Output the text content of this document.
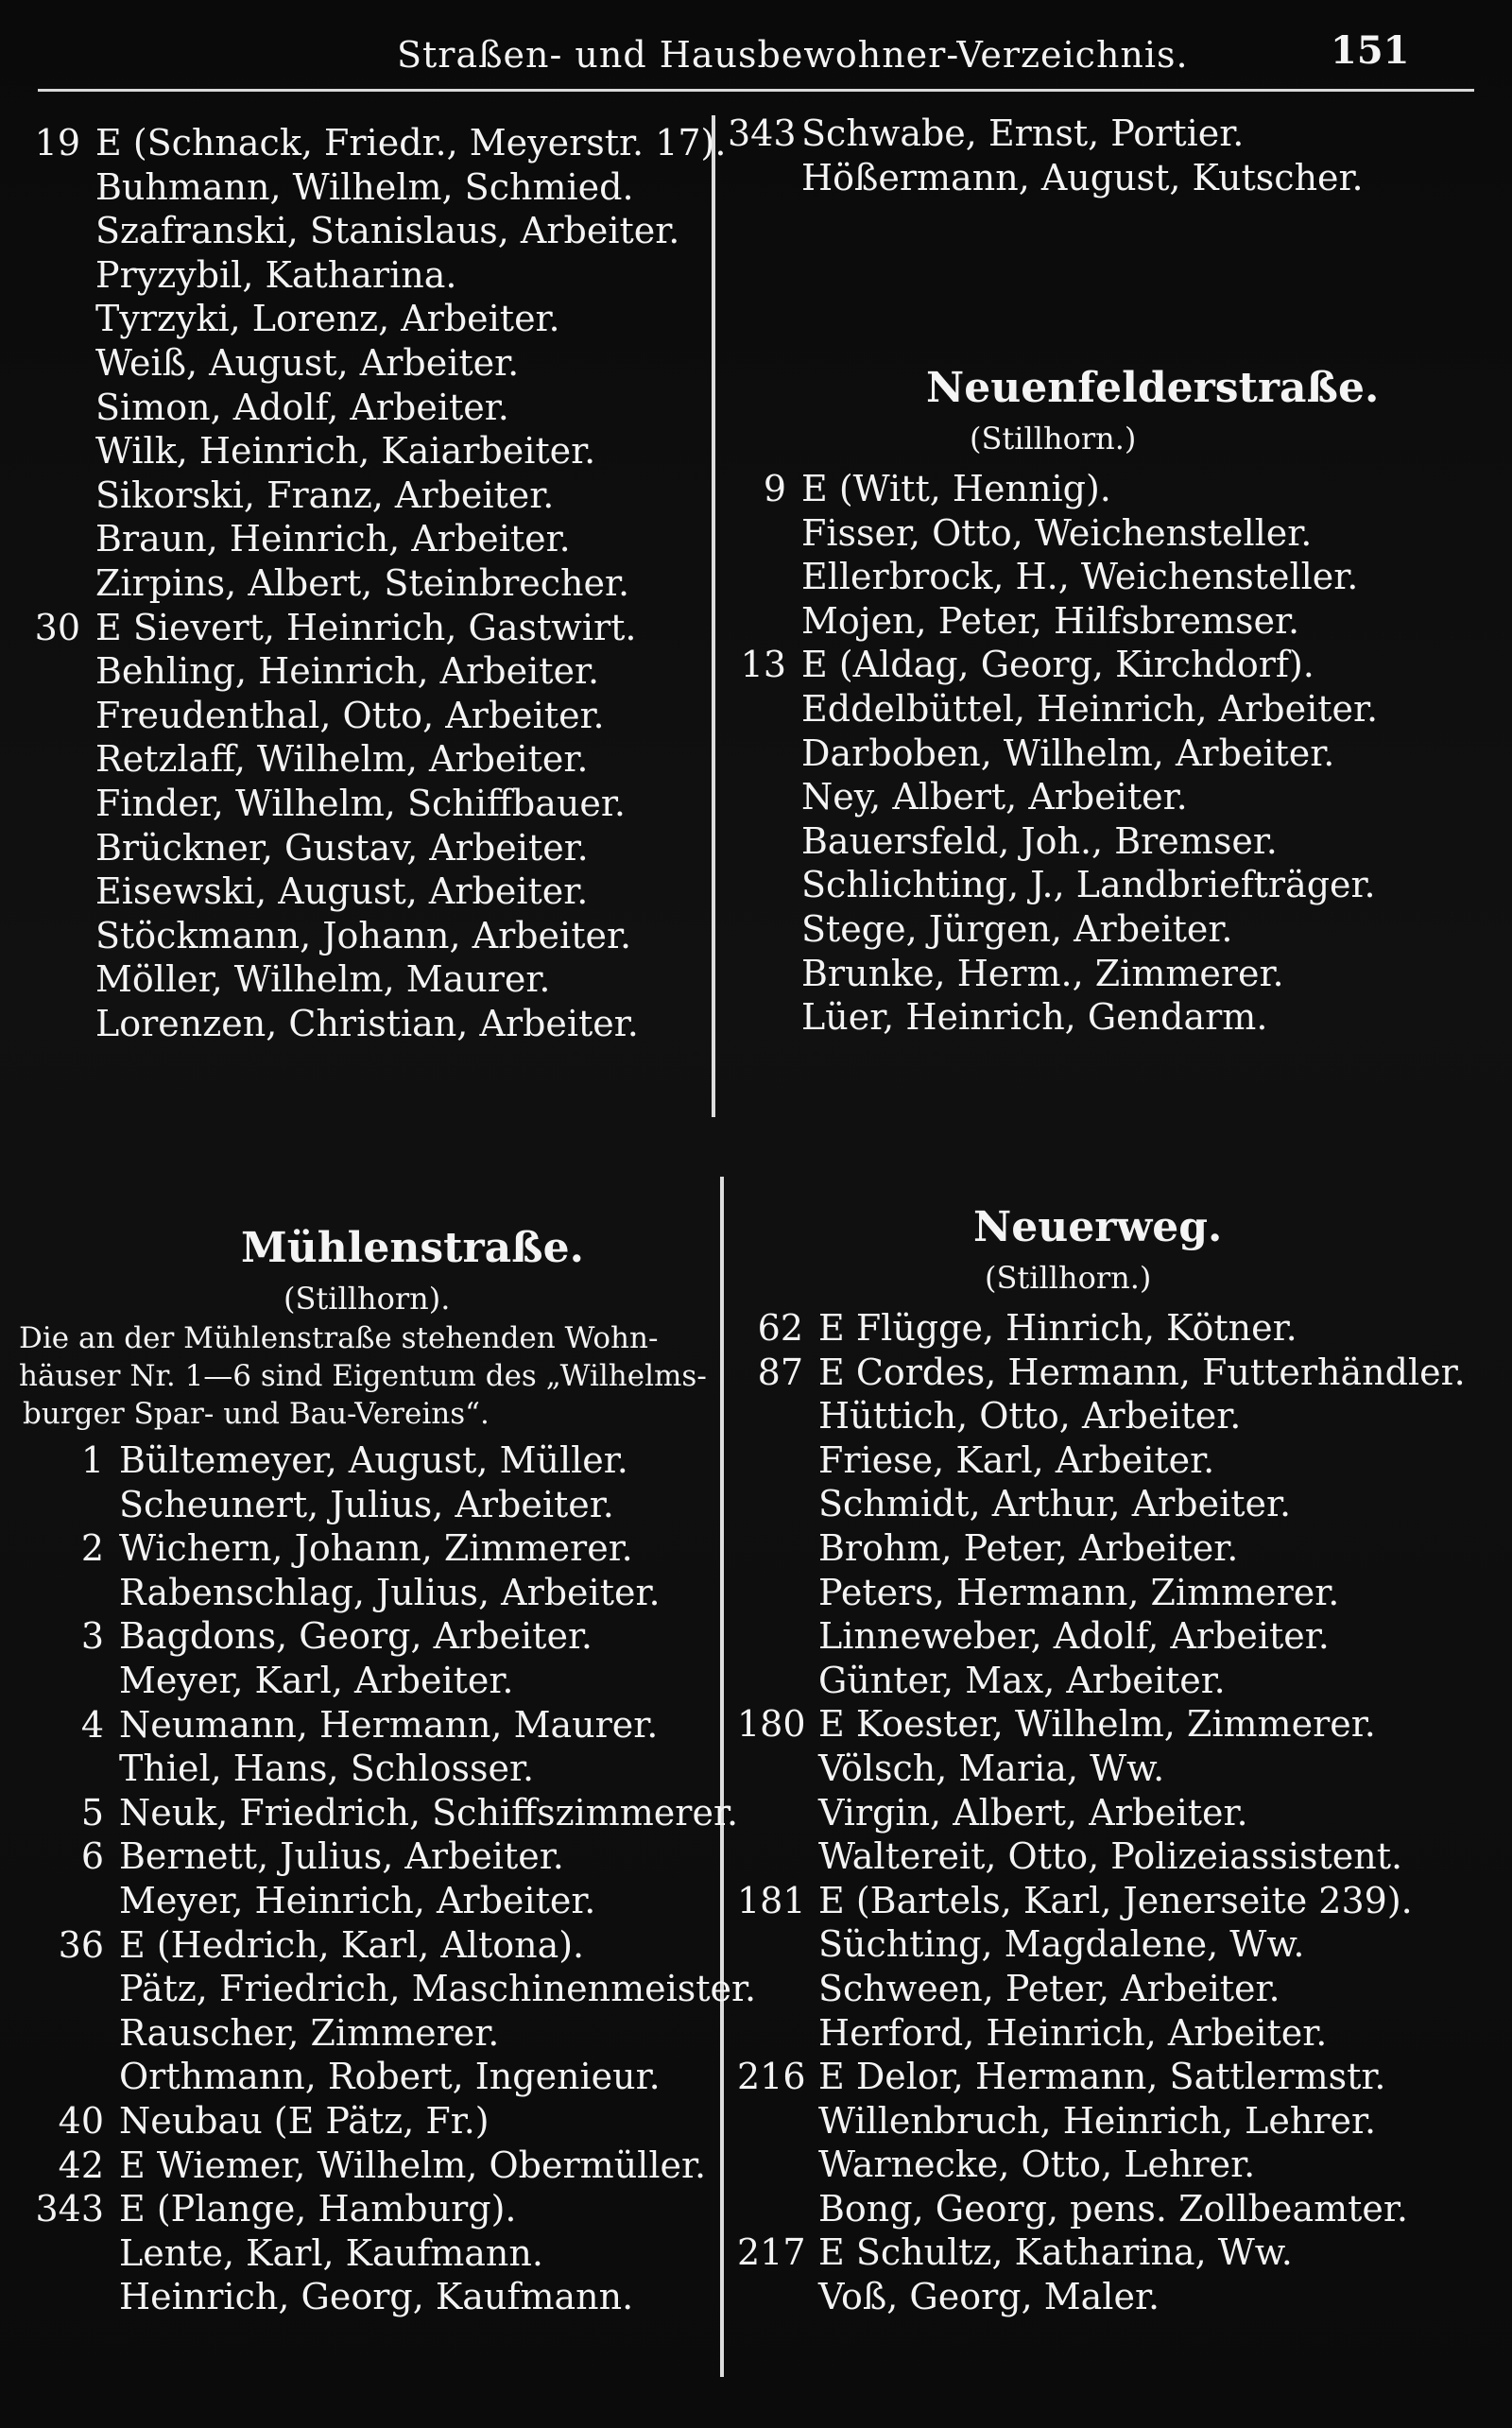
Straßen- und Hausbewohner-Verzeichnis.	151
19 E (Schnack, Friedr., Meyerstr. 17).
Buhmann, Wilhelm, Schmied.
Szafranski, Stanislaus, Arbeiter.
Pryzybil, Katharina.
Tyrzyki, Lorenz, Arbeiter.
Weiß, August, Arbeiter.
Simon, Adolf, Arbeiter.
Wilk, Heinrich, Kaiarbeiter.
Sikorski, Franz, Arbeiter.
Braun, Heinrich, Arbeiter.
Zirpins, Albert, Steinbrecher.
30 E Sievert, Heinrich, Gastwirt.
Behling, Heinrich, Arbeiter.
Freudenthal, Otto, Arbeiter.
Retzlaff, Wilhelm, Arbeiter.
Finder, Wilhelm, Schiffbauer.
Brückner, Gustav, Arbeiter.
Eisewski, August, Arbeiter.
Stöckmann, Johann, Arbeiter.
Möller, Wilhelm, Maurer.
Lorenzen, Christian, Arbeiter.
343 Schwabe, Ernst, Portier.
Hößermann, August, Kutscher.
Neuenfelderstraße.
(Stillhorn.)
9 E (Witt, Hennig).
Fisser, Otto, Weichensteller.
Ellerbrock, H., Weichensteller.
Mojen, Peter, Hilfsbremser.
13 E (Aldag, Georg, Kirchdorf).
Eddelbüttel, Heinrich, Arbeiter.
Darboben, Wilhelm, Arbeiter.
Ney, Albert, Arbeiter.
Bauersfeld, Joh., Bremser.
Schlichting, J., Landbriefträger.
Stege, Jürgen, Arbeiter.
Brunke, Herm., Zimmerer.
Lüer, Heinrich, Gendarm.
Mühlenstraße.
(Stillhorn).
Die an der Mühlenstraße stehenden Wohn-
häuser Nr. 1—6 sind Eigentum des „Wilhelms-
burger Spar- und Bau-Vereins“.
1 Bültemeyer, August, Müller.
Scheunert, Julius, Arbeiter.
2 Wichern, Johann, Zimmerer.
Rabenschlag, Julius, Arbeiter.
3 Bagdons, Georg, Arbeiter.
Meyer, Karl, Arbeiter.
4 Neumann, Hermann, Maurer.
Thiel, Hans, Schlosser.
5 Neuk, Friedrich, Schiffszimmerer.
6 Bernett, Julius, Arbeiter.
Meyer, Heinrich, Arbeiter.
36 E (Hedrich, Karl, Altona).
Pätz, Friedrich, Maschinenmeister.
Rauscher, Zimmerer.
Orthmann, Robert, Ingenieur.
40 Neubau (E Pätz, Fr.)
42 E Wiemer, Wilhelm, Obermüller.
343 E (Plange, Hamburg).
Lente, Karl, Kaufmann.
Heinrich, Georg, Kaufmann.
Neuerweg.
(Stillhorn.)
62 E Flügge, Hinrich, Kötner.
87 E Cordes, Hermann, Futterhändler.
Hüttich, Otto, Arbeiter.
Friese, Karl, Arbeiter.
Schmidt, Arthur, Arbeiter.
Brohm, Peter, Arbeiter.
Peters, Hermann, Zimmerer.
Linneweber, Adolf, Arbeiter.
Günter, Max, Arbeiter.
180 E Koester, Wilhelm, Zimmerer.
Völsch, Maria, Ww.
Virgin, Albert, Arbeiter.
Waltereit, Otto, Polizeiassistent.
181 E (Bartels, Karl, Jenerseite 239).
Süchting, Magdalene, Ww.
Schween, Peter, Arbeiter.
Herford, Heinrich, Arbeiter.
216 E Delor, Hermann, Sattlermstr.
Willenbruch, Heinrich, Lehrer.
Warnecke, Otto, Lehrer.
Bong, Georg, pens. Zollbeamter.
217 E Schultz, Katharina, Ww.
Voß, Georg, Maler.
